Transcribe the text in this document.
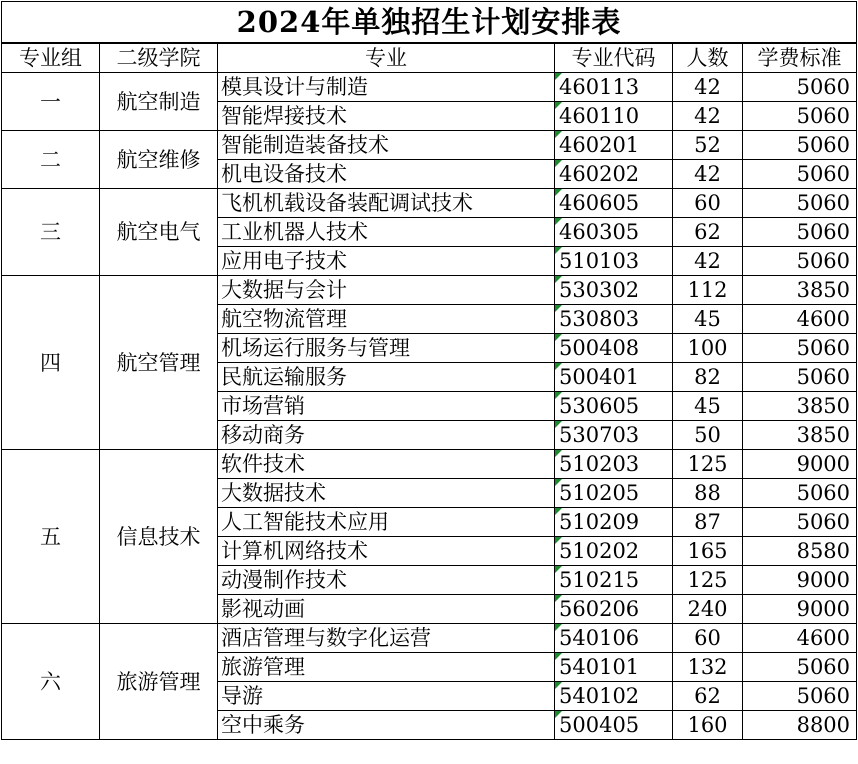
2024年单独招生计划安排表					
专业组	二级学院	专业	专业代码	人数	学费标准
一	航空制造	模具设计与制造	460113	42	5060
		智能焊接技术	460110	42	5060
二	航空维修	智能制造装备技术	460201	52	5060
		机电设备技术	460202	42	5060
三	航空电气	飞机机载设备装配调试技术	460605	60	5060
		工业机器人技术	460305	62	5060
		应用电子技术	510103	42	5060
四	航空管理	大数据与会计	530302	112	3850
		航空物流管理	530803	45	4600
		机场运行服务与管理	500408	100	5060
		民航运输服务	500401	82	5060
		市场营销	530605	45	3850
		移动商务	530703	50	3850
五	信息技术	软件技术	510203	125	9000
		大数据技术	510205	88	5060
		人工智能技术应用	510209	87	5060
		计算机网络技术	510202	165	8580
		动漫制作技术	510215	125	9000
		影视动画	560206	240	9000
六	旅游管理	酒店管理与数字化运营	540106	60	4600
		旅游管理	540101	132	5060
		导游	540102	62	5060
		空中乘务	500405	160	8800
